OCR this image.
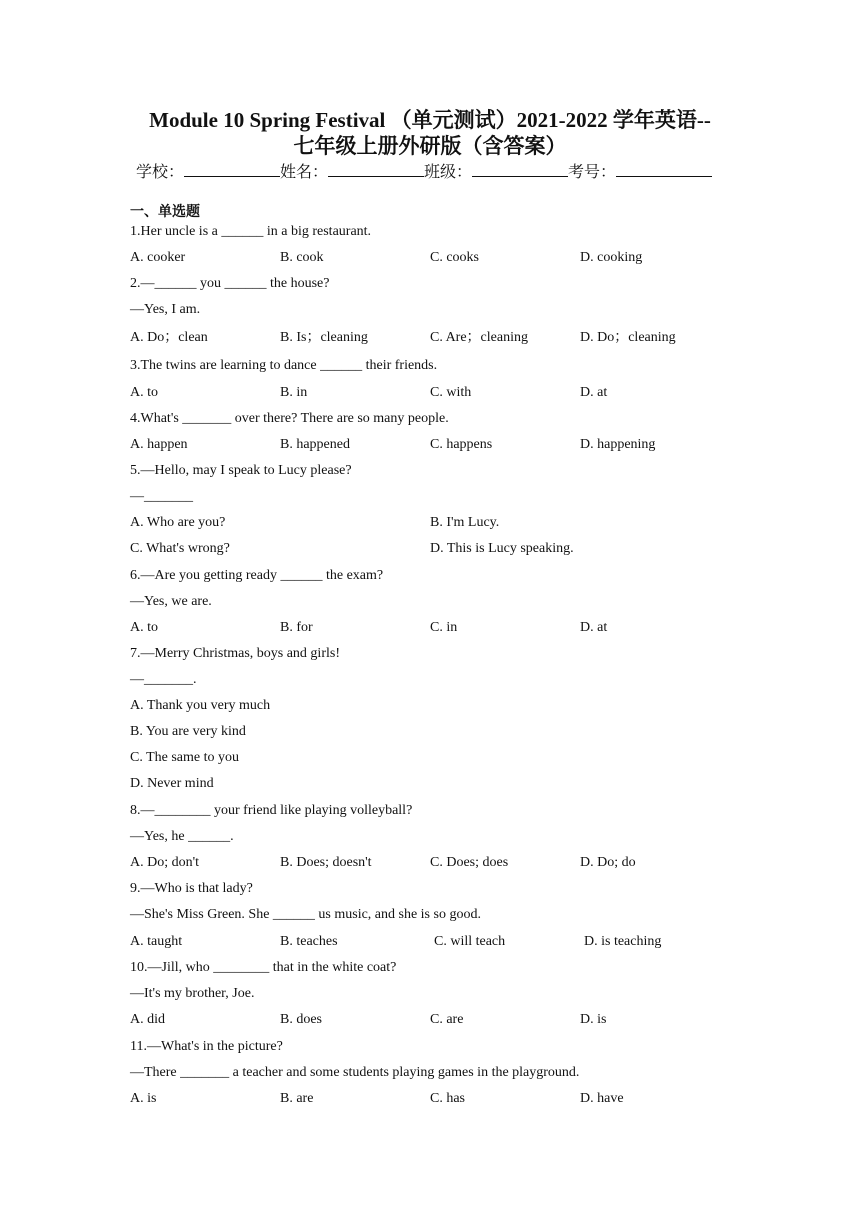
Module 10 Spring Festival （单元测试）2021-2022 学年英语--
七年级上册外研版（含答案）
学校：	姓名：	班级：	考号：
一、单选题
1.Her uncle is a ______ in a big restaurant.
A. cooker	B. cook	C. cooks	D. cooking
2.—______ you ______ the house?
—Yes, I am.
A. Do；clean	B. Is；cleaning	C. Are；cleaning	D. Do；cleaning
3.The twins are learning to dance ______ their friends.
A. to	B. in	C. with	D. at
4.What's _______ over there? There are so many people.
A. happen	B. happened	C. happens	D. happening
5.—Hello, may I speak to Lucy please?
—_______
A. Who are you?	B. I'm Lucy.
C. What's wrong?	D. This is Lucy speaking.
6.—Are you getting ready ______ the exam?
—Yes, we are.
A. to	B. for	C. in	D. at
7.—Merry Christmas, boys and girls!
—_______.
A. Thank you very much
B. You are very kind
C. The same to you
D. Never mind
8.—________ your friend like playing volleyball?
—Yes, he ______.
A. Do; don't	B. Does; doesn't	C. Does; does	D. Do; do
9.—Who is that lady?
—She's Miss Green. She ______ us music, and she is so good.
A. taught	B. teaches	C. will teach	D. is teaching
10.—Jill, who ________ that in the white coat?
—It's my brother, Joe.
A. did	B. does	C. are	D. is
11.—What's in the picture?
—There _______ a teacher and some students playing games in the playground.
A. is	B. are	C. has	D. have
